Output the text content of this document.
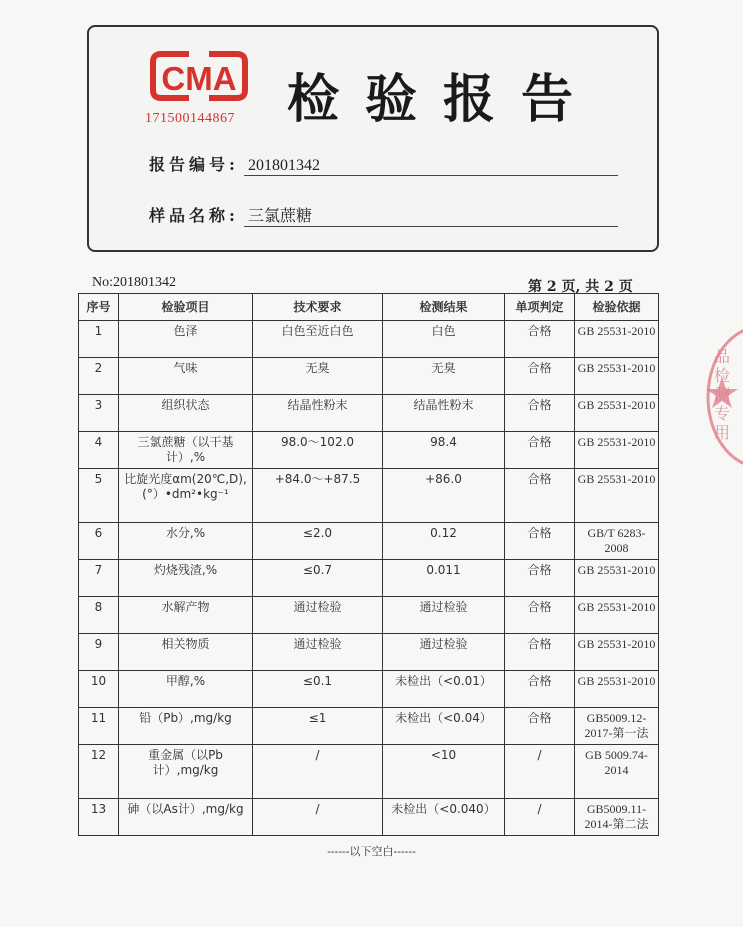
CMA
171500144867 检验报告
报告编号: 201801342
样品名称: 三氯蔗糖
No:201801342	第 2 页, 共 2 页
序号	检验项目	技术要求	检测结果	单项判定	检验依据
1	色泽	白色至近白色	白色	合格	GB 25531-2010
2	气味	无臭	无臭	合格	GB 25531-2010
3	组织状态	结晶性粉末	结晶性粉末	合格	GB 25531-2010
4	三氯蔗糖（以干基计）,%	98.0～102.0	98.4	合格	GB 25531-2010
5	比旋光度αm(20℃,D),(°）•dm²•kg⁻¹	+84.0～+87.5	+86.0	合格	GB 25531-2010
6	水分,%	≤2.0	0.12	合格	GB/T 6283-2008
7	灼烧残渣,%	≤0.7	0.011	合格	GB 25531-2010
8	水解产物	通过检验	通过检验	合格	GB 25531-2010
9	相关物质	通过检验	通过检验	合格	GB 25531-2010
10	甲醇,%	≤0.1	未检出（<0.01）	合格	GB 25531-2010
11	铅（Pb）,mg/kg	≤1	未检出（<0.04）	合格	GB5009.12-2017-第一法
12	重金属（以Pb计）,mg/kg	/	<10	/	GB 5009.74-2014
13	砷（以As计）,mg/kg	/	未检出（<0.040）	/	GB5009.11-2014-第二法
品检测专用
------以下空白------
